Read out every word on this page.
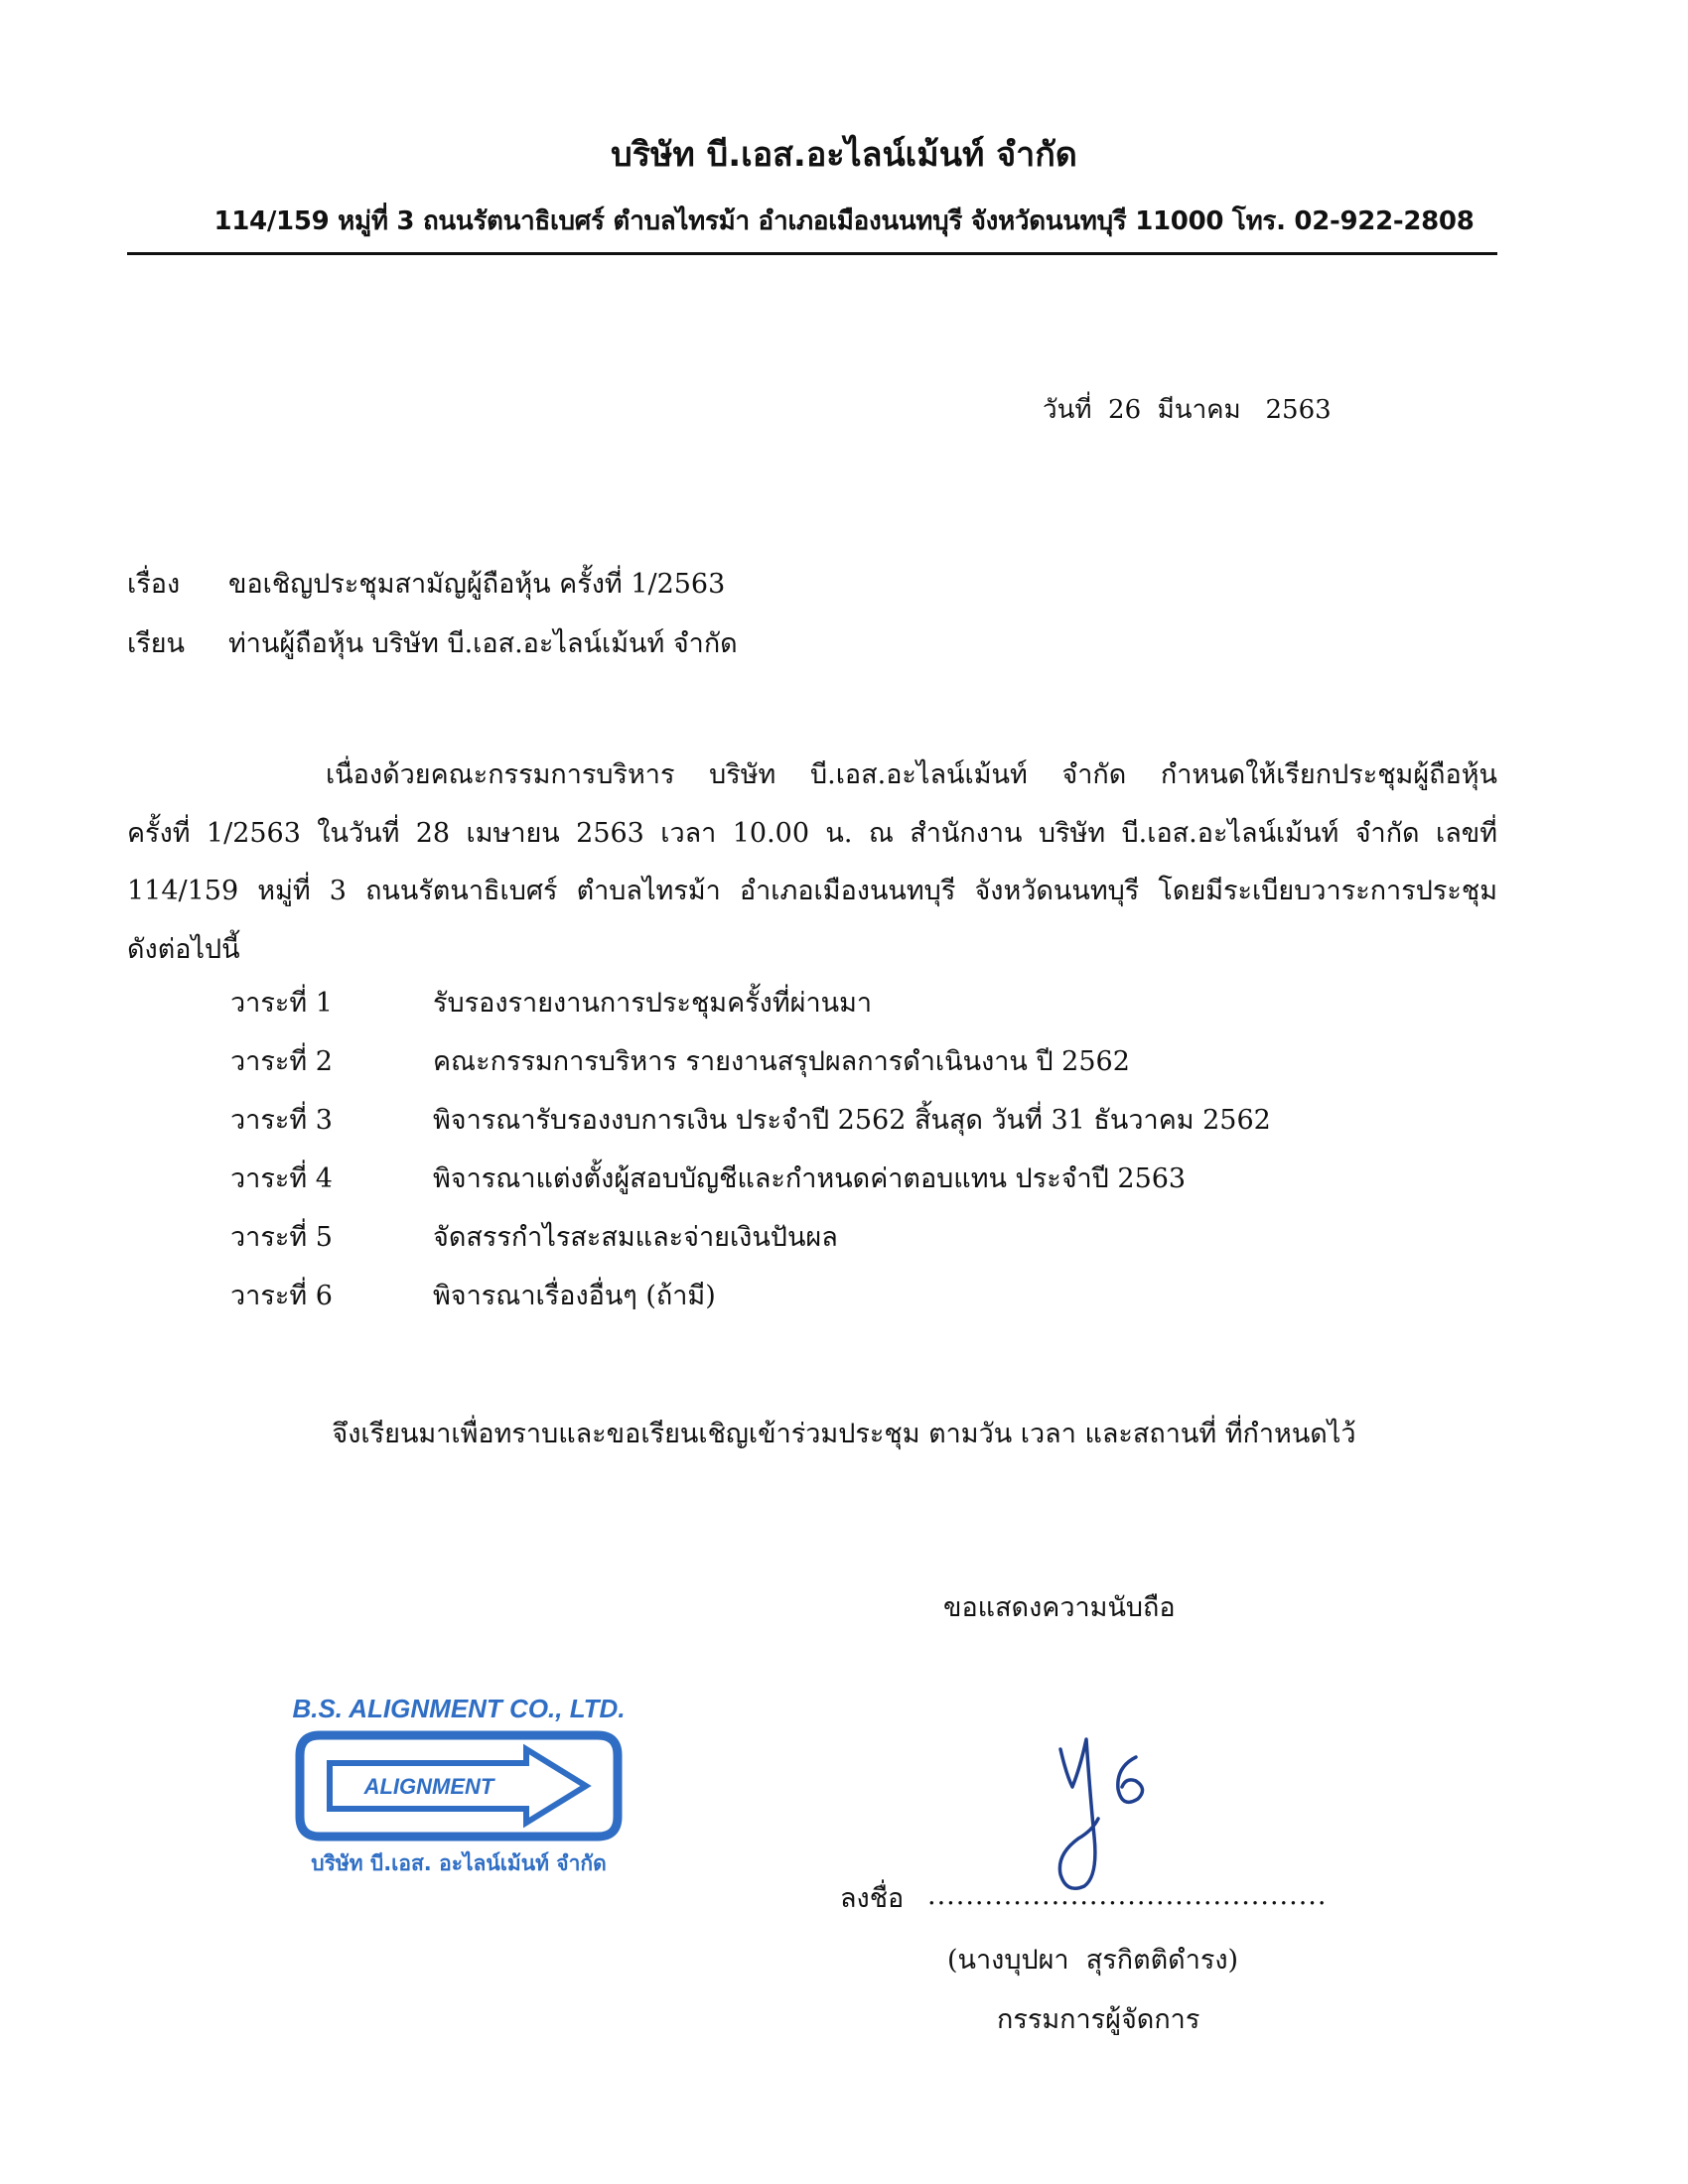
บริษัท บี.เอส.อะไลน์เม้นท์ จำกัด
114/159 หมู่ที่ 3 ถนนรัตนาธิเบศร์ ตำบลไทรม้า อำเภอเมืองนนทบุรี จังหวัดนนทบุรี 11000 โทร. 02-922-2808
วันที่  26  มีนาคม   2563
เรื่อง ขอเชิญประชุมสามัญผู้ถือหุ้น ครั้งที่ 1/2563
เรียน ท่านผู้ถือหุ้น บริษัท บี.เอส.อะไลน์เม้นท์ จำกัด
เนื่องด้วยคณะกรรมการบริหาร บริษัท บี.เอส.อะไลน์เม้นท์ จำกัด กำหนดให้เรียกประชุมผู้ถือหุ้น
ครั้งที่ 1/2563 ในวันที่ 28 เมษายน 2563 เวลา 10.00 น. ณ สำนักงาน บริษัท บี.เอส.อะไลน์เม้นท์ จำกัด เลขที่
114/159 หมู่ที่ 3 ถนนรัตนาธิเบศร์ ตำบลไทรม้า อำเภอเมืองนนทบุรี จังหวัดนนทบุรี โดยมีระเบียบวาระการประชุม
ดังต่อไปนี้
วาระที่ 1	รับรองรายงานการประชุมครั้งที่ผ่านมา
วาระที่ 2	คณะกรรมการบริหาร รายงานสรุปผลการดำเนินงาน ปี 2562
วาระที่ 3	พิจารณารับรองงบการเงิน ประจำปี 2562 สิ้นสุด วันที่ 31 ธันวาคม 2562
วาระที่ 4	พิจารณาแต่งตั้งผู้สอบบัญชีและกำหนดค่าตอบแทน ประจำปี 2563
วาระที่ 5	จัดสรรกำไรสะสมและจ่ายเงินปันผล
วาระที่ 6	พิจารณาเรื่องอื่นๆ (ถ้ามี)
จึงเรียนมาเพื่อทราบและขอเรียนเชิญเข้าร่วมประชุม ตามวัน เวลา และสถานที่ ที่กำหนดไว้
ขอแสดงความนับถือ
B.S. ALIGNMENT CO., LTD.
ALIGNMENT
บริษัท บี.เอส. อะไลน์เม้นท์ จำกัด
ลงชื่อ ..........................................
(นางบุปผา  สุรกิตติดำรง)
กรรมการผู้จัดการ
